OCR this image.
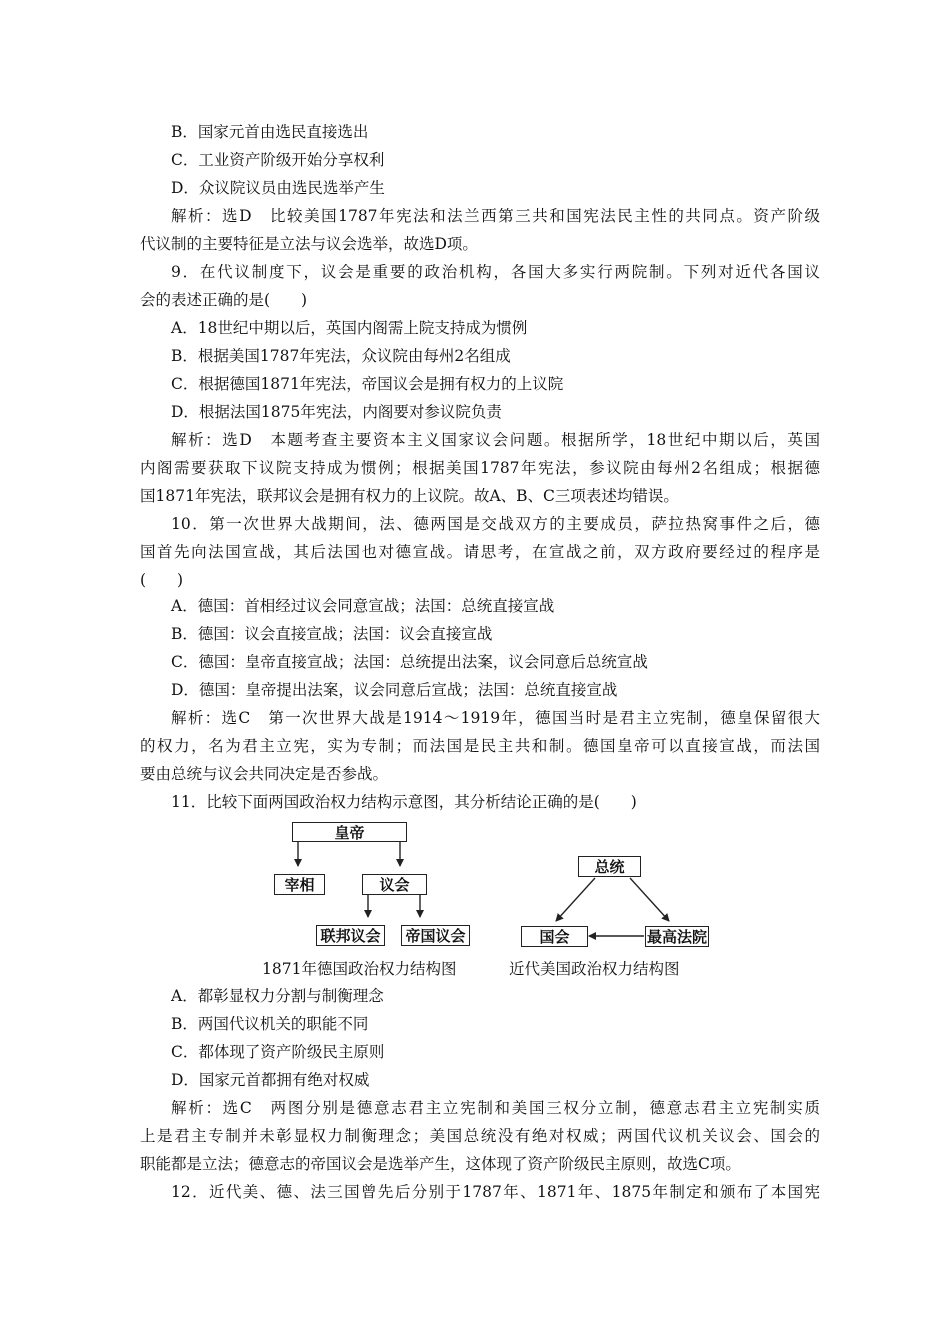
B．国家元首由选民直接选出
C．工业资产阶级开始分享权利
D．众议院议员由选民选举产生
解析：选D　比较美国1787年宪法和法兰西第三共和国宪法民主性的共同点。资产阶级
代议制的主要特征是立法与议会选举，故选D项。
9．在代议制度下，议会是重要的政治机构，各国大多实行两院制。下列对近代各国议
会的表述正确的是(　　)
A．18世纪中期以后，英国内阁需上院支持成为惯例
B．根据美国1787年宪法，众议院由每州2名组成
C．根据德国1871年宪法，帝国议会是拥有权力的上议院
D．根据法国1875年宪法，内阁要对参议院负责
解析：选D　本题考查主要资本主义国家议会问题。根据所学，18世纪中期以后，英国
内阁需要获取下议院支持成为惯例；根据美国1787年宪法，参议院由每州2名组成；根据德
国1871年宪法，联邦议会是拥有权力的上议院。故A、B、C三项表述均错误。
10．第一次世界大战期间，法、德两国是交战双方的主要成员，萨拉热窝事件之后，德
国首先向法国宣战，其后法国也对德宣战。请思考，在宣战之前，双方政府要经过的程序是
(　　)
A．德国：首相经过议会同意宣战；法国：总统直接宣战
B．德国：议会直接宣战；法国：议会直接宣战
C．德国：皇帝直接宣战；法国：总统提出法案，议会同意后总统宣战
D．德国：皇帝提出法案，议会同意后宣战；法国：总统直接宣战
解析：选C　第一次世界大战是1914～1919年，德国当时是君主立宪制，德皇保留很大
的权力，名为君主立宪，实为专制；而法国是民主共和制。德国皇帝可以直接宣战，而法国
要由总统与议会共同决定是否参战。
11．比较下面两国政治权力结构示意图，其分析结论正确的是(　　)
皇帝
宰相	议会
联邦议会	帝国议会
1871年德国政治权力结构图
总统
国会	最高法院
近代美国政治权力结构图
A．都彰显权力分割与制衡理念
B．两国代议机关的职能不同
C．都体现了资产阶级民主原则
D．国家元首都拥有绝对权威
解析：选C　两图分别是德意志君主立宪制和美国三权分立制，德意志君主立宪制实质
上是君主专制并未彰显权力制衡理念；美国总统没有绝对权威；两国代议机关议会、国会的
职能都是立法；德意志的帝国议会是选举产生，这体现了资产阶级民主原则，故选C项。
12．近代美、德、法三国曾先后分别于1787年、1871年、1875年制定和颁布了本国宪
